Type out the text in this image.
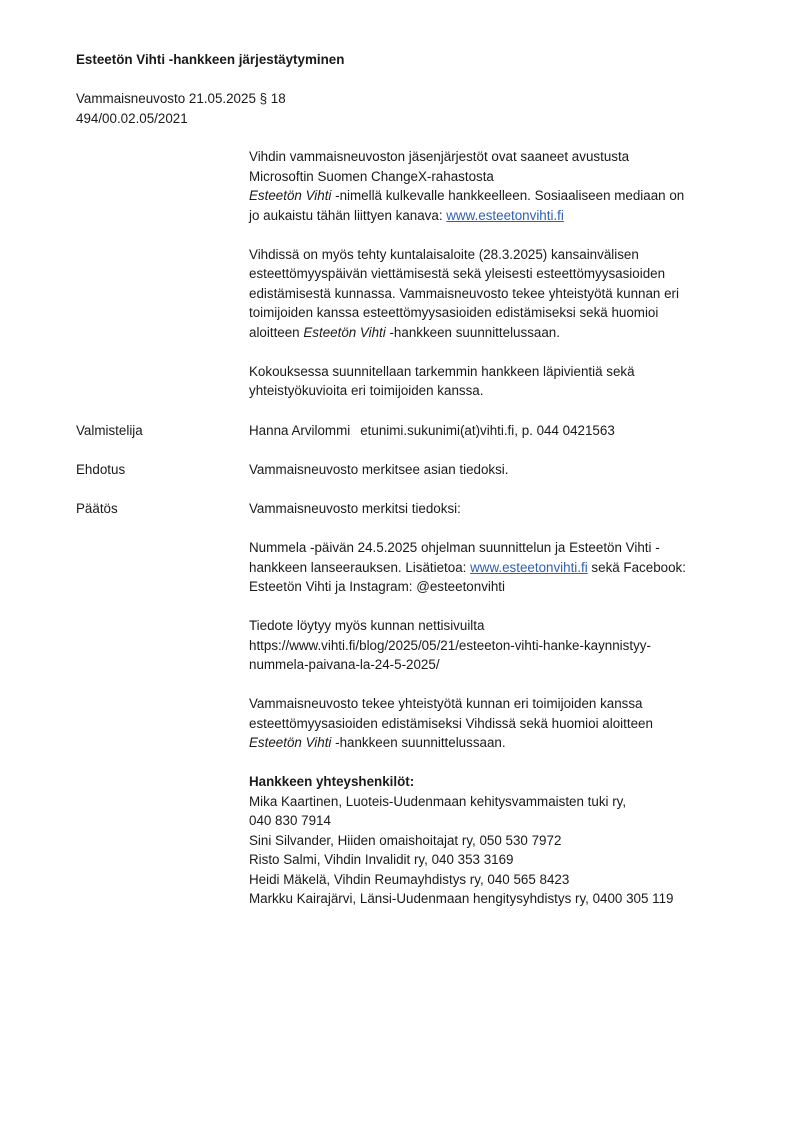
Esteetön Vihti -hankkeen järjestäytyminen
Vammaisneuvosto 21.05.2025 § 18
494/00.02.05/2021
Vihdin vammaisneuvoston jäsenjärjestöt ovat saaneet avustusta
Microsoftin Suomen ChangeX-rahastosta
Esteetön Vihti -nimellä kulkevalle hankkeelleen. Sosiaaliseen mediaan on
jo aukaistu tähän liittyen kanava: www.esteetonvihti.fi
Vihdissä on myös tehty kuntalaisaloite (28.3.2025) kansainvälisen
esteettömyyspäivän viettämisestä sekä yleisesti esteettömyysasioiden
edistämisestä kunnassa. Vammaisneuvosto tekee yhteistyötä kunnan eri
toimijoiden kanssa esteettömyysasioiden edistämiseksi sekä huomioi
aloitteen Esteetön Vihti -hankkeen suunnittelussaan.
Kokouksessa suunnitellaan tarkemmin hankkeen läpivientiä sekä
yhteistyökuvioita eri toimijoiden kanssa.
Valmistelija	Hanna Arvilommi etunimi.sukunimi(at)vihti.fi, p. 044 0421563
Ehdotus	Vammaisneuvosto merkitsee asian tiedoksi.
Päätös	Vammaisneuvosto merkitsi tiedoksi:
Nummela -päivän 24.5.2025 ohjelman suunnittelun ja Esteetön Vihti -
hankkeen lanseerauksen. Lisätietoa: www.esteetonvihti.fi sekä Facebook:
Esteetön Vihti ja Instagram: @esteetonvihti
Tiedote löytyy myös kunnan nettisivuilta
https://www.vihti.fi/blog/2025/05/21/esteeton-vihti-hanke-kaynnistyy-
nummela-paivana-la-24-5-2025/
Vammaisneuvosto tekee yhteistyötä kunnan eri toimijoiden kanssa
esteettömyysasioiden edistämiseksi Vihdissä sekä huomioi aloitteen
Esteetön Vihti -hankkeen suunnittelussaan.
Hankkeen yhteyshenkilöt:
Mika Kaartinen, Luoteis-Uudenmaan kehitysvammaisten tuki ry,
040 830 7914
Sini Silvander, Hiiden omaishoitajat ry, 050 530 7972
Risto Salmi, Vihdin Invalidit ry, 040 353 3169
Heidi Mäkelä, Vihdin Reumayhdistys ry, 040 565 8423
Markku Kairajärvi, Länsi-Uudenmaan hengitysyhdistys ry, 0400 305 119
